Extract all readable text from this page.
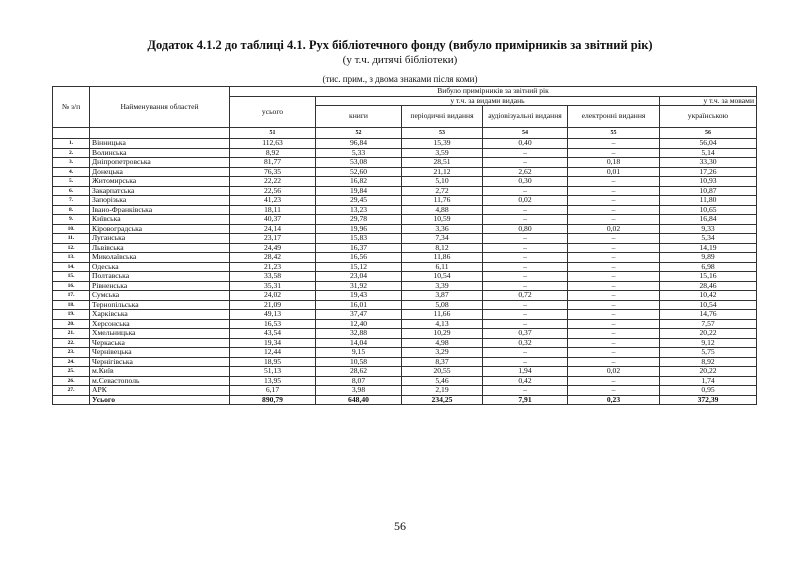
Додаток 4.1.2 до таблиці 4.1. Рух бібліотечного фонду (вибуло примірників за звітний рік)
(у т.ч. дитячі бібліотеки)
(тис. прим., з двома знаками після коми)
№ з/п	Найменування областей	Вибуло примірників за звітний рік					
		усього	у т.ч. за видами видань				у т.ч. за мовами
			книги	періодичні видання	аудіовізуальні видання	електронні видання	українською
		51	52	53	54	55	56
1.	Вінницька	112,63	96,84	15,39	0,40	–	56,04
2.	Волинська	8,92	5,33	3,59	–	–	5,14
3.	Дніпропетровська	81,77	53,08	28,51	–	0,18	33,30
4.	Донецька	76,35	52,60	21,12	2,62	0,01	17,26
5.	Житомирська	22,22	16,82	5,10	0,30	–	10,93
6.	Закарпатська	22,56	19,84	2,72	–	–	10,87
7.	Запорізька	41,23	29,45	11,76	0,02	–	11,80
8.	Івано-Франківська	18,11	13,23	4,88	–	–	10,65
9.	Київська	40,37	29,78	10,59	–	–	16,84
10.	Кіровоградська	24,14	19,96	3,36	0,80	0,02	9,33
11.	Луганська	23,17	15,83	7,34	–	–	5,34
12.	Львівська	24,49	16,37	8,12	–	–	14,19
13.	Миколаївська	28,42	16,56	11,86	–	–	9,89
14.	Одеська	21,23	15,12	6,11	–	–	6,98
15.	Полтавська	33,58	23,04	10,54	–	–	15,16
16.	Рівненська	35,31	31,92	3,39	–	–	28,46
17.	Сумська	24,02	19,43	3,87	0,72	–	10,42
18.	Тернопільська	21,09	16,01	5,08	–	–	10,54
19.	Харківська	49,13	37,47	11,66	–	–	14,76
20.	Херсонська	16,53	12,40	4,13	–	–	7,57
21.	Хмельницька	43,54	32,88	10,29	0,37	–	20,22
22.	Черкаська	19,34	14,04	4,98	0,32	–	9,12
23.	Чернівецька	12,44	9,15	3,29	–	–	5,75
24.	Чернігівська	18,95	10,58	8,37	–	–	8,92
25.	м.Київ	51,13	28,62	20,55	1,94	0,02	20,22
26.	м.Севастополь	13,95	8,07	5,46	0,42	–	1,74
27.	АРК	6,17	3,98	2,19	–	–	0,95
	Усього	890,79	648,40	234,25	7,91	0,23	372,39
56
